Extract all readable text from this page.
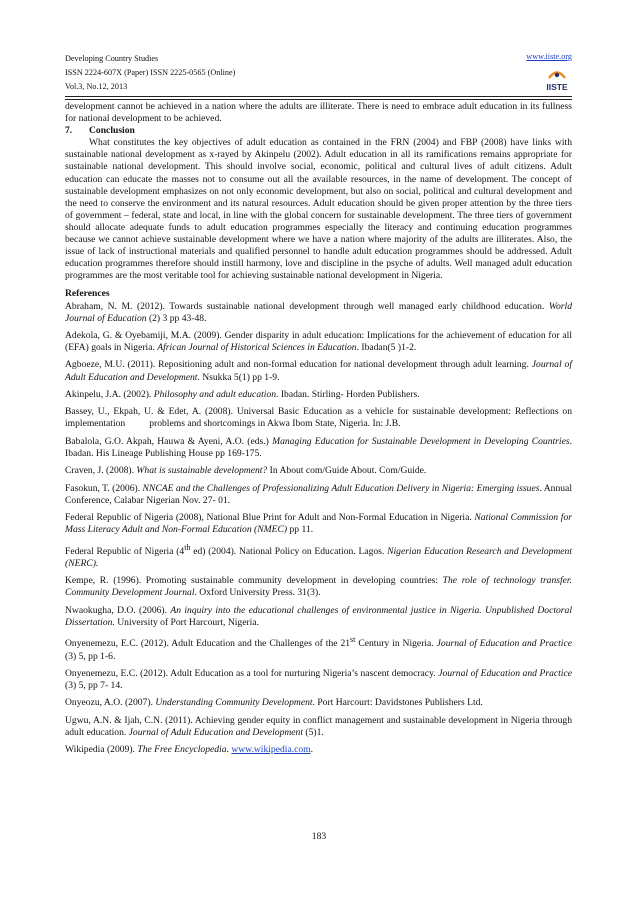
Developing Country Studies
ISSN 2224-607X (Paper) ISSN 2225-0565 (Online)
Vol.3, No.12, 2013
www.iiste.org
IISTE

development cannot be achieved in a nation where the adults are illiterate. There is need to embrace adult education in its fullness for national development to be achieved.

7.	Conclusion

What constitutes the key objectives of adult education as contained in the FRN (2004) and FBP (2008) have links with sustainable national development as x-rayed by Akinpelu (2002). Adult education in all its ramifications remains appropriate for sustainable national development. This should involve social, economic, political and cultural lives of adult citizens. Adult education can educate the masses not to consume out all the available resources, in the name of development. The concept of sustainable development emphasizes on not only economic development, but also on social, political and cultural development and the need to conserve the environment and its natural resources. Adult education should be given proper attention by the three tiers of government – federal, state and local, in line with the global concern for sustainable development. The three tiers of government should allocate adequate funds to adult education programmes especially the literacy and continuing education programmes because we cannot achieve sustainable development where we have a nation where majority of the adults are illiterates. Also, the issue of lack of instructional materials and qualified personnel to handle adult education programmes should be addressed. Adult education programmes therefore should instill harmony, love and discipline in the psyche of adults. Well managed adult education programmes are the most veritable tool for achieving sustainable national development in Nigeria.

References

Abraham, N. M. (2012). Towards sustainable national development through well managed early childhood education. World Journal of Education (2) 3 pp 43-48.

Adekola, G. & Oyebamiji, M.A. (2009). Gender disparity in adult education: Implications for the achievement of education for all (EFA) goals in Nigeria. African Journal of Historical Sciences in Education. Ibadan(5 )1-2.

Agboeze, M.U. (2011). Repositioning adult and non-formal education for national development through adult learning. Journal of Adult Education and Development. Nsukka 5(1) pp 1-9.

Akinpelu, J.A. (2002). Philosophy and adult education. Ibadan. Stirling- Horden Publishers.

Bassey, U., Ekpah, U. & Edet, A. (2008). Universal Basic Education as a vehicle for sustainable development: Reflections on implementation	problems and shortcomings in Akwa Ibom State, Nigeria. In: J.B.

Babalola, G.O. Akpah, Hauwa & Ayeni, A.O. (eds.) Managing Education for Sustainable Development in Developing Countries. Ibadan. His Lineage Publishing House pp 169-175.

Craven, J. (2008). What is sustainable development? In About com/Guide About. Com/Guide.

Fasokun, T. (2006). NNCAE and the Challenges of Professionalizing Adult Education Delivery in Nigeria: Emerging issues. Annual Conference, Calabar Nigerian Nov. 27- 01.

Federal Republic of Nigeria (2008), National Blue Print for Adult and Non-Formal Education in Nigeria. National Commission for Mass Literacy Adult and Non-Formal Education (NMEC) pp 11.

Federal Republic of Nigeria (4th ed) (2004). National Policy on Education. Lagos. Nigerian Education Research and Development (NERC).

Kempe, R. (1996). Promoting sustainable community development in developing countries: The role of technology transfer. Community Development Journal. Oxford University Press. 31(3).

Nwaokugha, D.O. (2006). An inquiry into the educational challenges of environmental justice in Nigeria. Unpublished Doctoral Dissertation. University of Port Harcourt, Nigeria.

Onyenemezu, E.C. (2012). Adult Education and the Challenges of the 21st Century in Nigeria. Journal of Education and Practice (3) 5, pp 1-6.

Onyenemezu, E.C. (2012). Adult Education as a tool for nurturing Nigeria’s nascent democracy. Journal of Education and Practice (3) 5, pp 7- 14.

Onyeozu, A.O. (2007). Understanding Community Development. Port Harcourt: Davidstones Publishers Ltd.

Ugwu, A.N. & Ijah, C.N. (2011). Achieving gender equity in conflict management and sustainable development in Nigeria through adult education. Journal of Adult Education and Development (5)1.

Wikipedia (2009). The Free Encyclopedia. www.wikipedia.com.

183
